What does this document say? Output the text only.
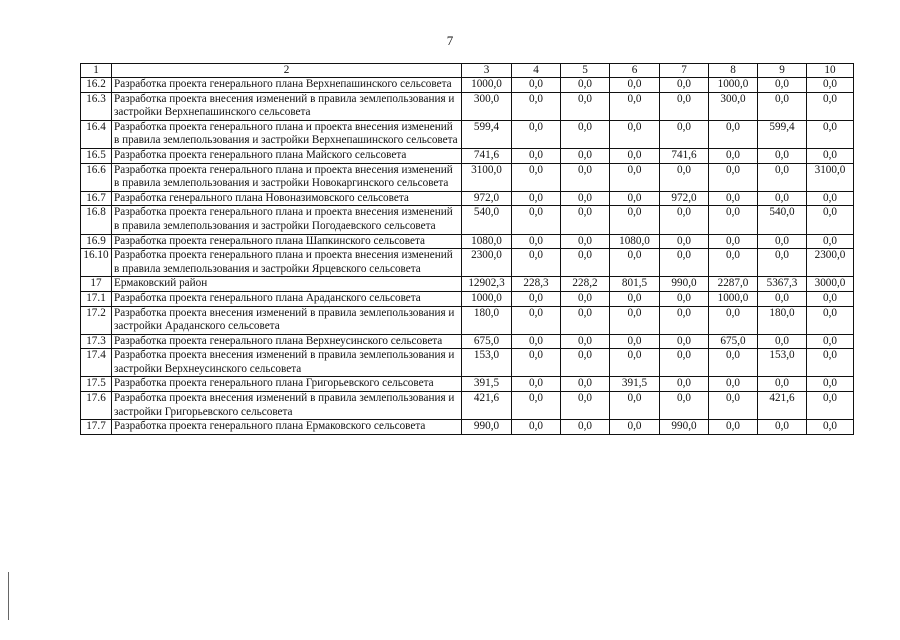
7
1	2	3	4	5	6	7	8	9	10
16.2	Разработка проекта генерального плана Верхнепашинского сельсовета	1000,0	0,0	0,0	0,0	0,0	1000,0	0,0	0,0
16.3	Разработка проекта внесения изменений в правила землепользования и застройки Верхнепашинского сельсовета	300,0	0,0	0,0	0,0	0,0	300,0	0,0	0,0
16.4	Разработка проекта генерального плана и проекта внесения изменений в правила землепользования и застройки Верхнепашинского сельсовета	599,4	0,0	0,0	0,0	0,0	0,0	599,4	0,0
16.5	Разработка проекта генерального плана Майского сельсовета	741,6	0,0	0,0	0,0	741,6	0,0	0,0	0,0
16.6	Разработка проекта генерального плана и проекта внесения изменений в правила землепользования и застройки Новокаргинского сельсовета	3100,0	0,0	0,0	0,0	0,0	0,0	0,0	3100,0
16.7	Разработка генерального плана Новоназимовского сельсовета	972,0	0,0	0,0	0,0	972,0	0,0	0,0	0,0
16.8	Разработка проекта генерального плана и проекта внесения изменений в правила землепользования и застройки Погодаевского сельсовета	540,0	0,0	0,0	0,0	0,0	0,0	540,0	0,0
16.9	Разработка проекта генерального плана Шапкинского сельсовета	1080,0	0,0	0,0	1080,0	0,0	0,0	0,0	0,0
16.10	Разработка проекта генерального плана и проекта внесения изменений в правила землепользования и застройки Ярцевского сельсовета	2300,0	0,0	0,0	0,0	0,0	0,0	0,0	2300,0
17	Ермаковский район	12902,3	228,3	228,2	801,5	990,0	2287,0	5367,3	3000,0
17.1	Разработка проекта генерального плана Араданского сельсовета	1000,0	0,0	0,0	0,0	0,0	1000,0	0,0	0,0
17.2	Разработка проекта внесения изменений в правила землепользования и застройки Араданского сельсовета	180,0	0,0	0,0	0,0	0,0	0,0	180,0	0,0
17.3	Разработка проекта генерального плана Верхнеусинского сельсовета	675,0	0,0	0,0	0,0	0,0	675,0	0,0	0,0
17.4	Разработка проекта внесения изменений в правила землепользования и застройки Верхнеусинского сельсовета	153,0	0,0	0,0	0,0	0,0	0,0	153,0	0,0
17.5	Разработка проекта генерального плана Григорьевского сельсовета	391,5	0,0	0,0	391,5	0,0	0,0	0,0	0,0
17.6	Разработка проекта внесения изменений в правила землепользования и застройки Григорьевского сельсовета	421,6	0,0	0,0	0,0	0,0	0,0	421,6	0,0
17.7	Разработка проекта генерального плана Ермаковского сельсовета	990,0	0,0	0,0	0,0	990,0	0,0	0,0	0,0
